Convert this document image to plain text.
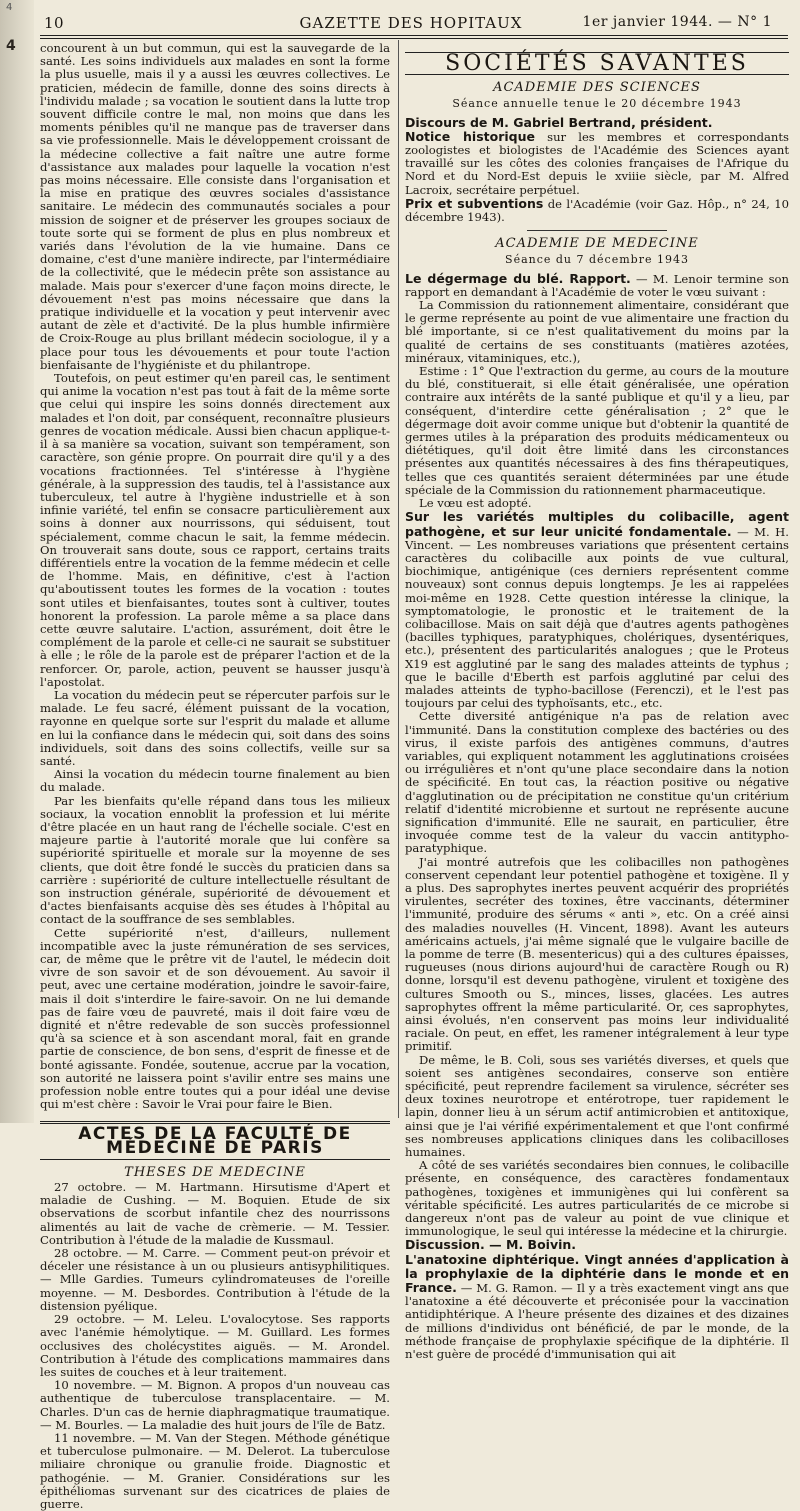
4
4
10	GAZETTE DES HOPITAUX	1er janvier 1944. — N° 1

concourent à un but commun, qui est la sauvegarde de la santé. Les soins individuels aux malades en sont la forme la plus usuelle, mais il y a aussi les œuvres collectives. Le praticien, médecin de famille, donne des soins directs à l'individu malade ; sa vocation le soutient dans la lutte trop souvent difficile contre le mal, non moins que dans les moments pénibles qu'il ne manque pas de traverser dans sa vie professionnelle. Mais le développement croissant de la médecine collective a fait naître une autre forme d'assistance aux malades pour laquelle la vocation n'est pas moins nécessaire. Elle consiste dans l'organisation et la mise en pratique des œuvres sociales d'assistance sanitaire. Le médecin des communautés sociales a pour mission de soigner et de préserver les groupes sociaux de toute sorte qui se forment de plus en plus nombreux et variés dans l'évolution de la vie humaine. Dans ce domaine, c'est d'une manière indirecte, par l'intermédiaire de la collectivité, que le médecin prête son assistance au malade. Mais pour s'exercer d'une façon moins directe, le dévouement n'est pas moins nécessaire que dans la pratique individuelle et la vocation y peut intervenir avec autant de zèle et d'activité. De la plus humble infirmière de Croix-Rouge au plus brillant médecin sociologue, il y a place pour tous les dévouements et pour toute l'action bienfaisante de l'hygiéniste et du philantrope.

Toutefois, on peut estimer qu'en pareil cas, le sentiment qui anime la vocation n'est pas tout à fait de la même sorte que celui qui inspire les soins donnés directement aux malades et l'on doit, par conséquent, reconnaître plusieurs genres de vocation médicale. Aussi bien chacun applique-t-il à sa manière sa vocation, suivant son tempérament, son caractère, son génie propre. On pourrait dire qu'il y a des vocations fractionnées. Tel s'intéresse à l'hygiène générale, à la suppression des taudis, tel à l'assistance aux tuberculeux, tel autre à l'hygiène industrielle et à son infinie variété, tel enfin se consacre particulièrement aux soins à donner aux nourrissons, qui séduisent, tout spécialement, comme chacun le sait, la femme médecin. On trouverait sans doute, sous ce rapport, certains traits différentiels entre la vocation de la femme médecin et celle de l'homme. Mais, en définitive, c'est à l'action qu'aboutissent toutes les formes de la vocation : toutes sont utiles et bienfaisantes, toutes sont à cultiver, toutes honorent la profession. La parole même a sa place dans cette œuvre salutaire. L'action, assurément, doit être le complément de la parole et celle-ci ne saurait se substituer à elle ; le rôle de la parole est de préparer l'action et de la renforcer. Or, parole, action, peuvent se hausser jusqu'à l'apostolat.

La vocation du médecin peut se répercuter parfois sur le malade. Le feu sacré, élément puissant de la vocation, rayonne en quelque sorte sur l'esprit du malade et allume en lui la confiance dans le médecin qui, soit dans des soins individuels, soit dans des soins collectifs, veille sur sa santé.

Ainsi la vocation du médecin tourne finalement au bien du malade.

Par les bienfaits qu'elle répand dans tous les milieux sociaux, la vocation ennoblit la profession et lui mérite d'être placée en un haut rang de l'échelle sociale. C'est en majeure partie à l'autorité morale que lui confère sa supériorité spirituelle et morale sur la moyenne de ses clients, que doit être fondé le succès du praticien dans sa carrière : supériorité de culture intellectuelle résultant de son instruction générale, supériorité de dévouement et d'actes bienfaisants acquise dès ses études à l'hôpital au contact de la souffrance de ses semblables.

Cette supériorité n'est, d'ailleurs, nullement incompatible avec la juste rémunération de ses services, car, de même que le prêtre vit de l'autel, le médecin doit vivre de son savoir et de son dévouement. Au savoir il peut, avec une certaine modération, joindre le savoir-faire, mais il doit s'interdire le faire-savoir. On ne lui demande pas de faire vœu de pauvreté, mais il doit faire vœu de dignité et n'être redevable de son succès professionnel qu'à sa science et à son ascendant moral, fait en grande partie de conscience, de bon sens, d'esprit de finesse et de bonté agissante. Fondée, soutenue, accrue par la vocation, son autorité ne laissera point s'avilir entre ses mains une profession noble entre toutes qui a pour idéal une devise qui m'est chère : Savoir le Vrai pour faire le Bien.

ACTES DE LA FACULTÉ DE MÉDECINE DE PARIS
THESES DE MEDECINE

27 octobre. — M. Hartmann. Hirsutisme d'Apert et maladie de Cushing. — M. Boquien. Etude de six observations de scorbut infantile chez des nourrissons alimentés au lait de vache de crèmerie. — M. Tessier. Contribution à l'étude de la maladie de Kussmaul.

28 octobre. — M. Carre. — Comment peut-on prévoir et déceler une résistance à un ou plusieurs antisyphilitiques. — Mlle Gardies. Tumeurs cylindromateuses de l'oreille moyenne. — M. Desbordes. Contribution à l'étude de la distension pyélique.

29 octobre. — M. Leleu. L'ovalocytose. Ses rapports avec l'anémie hémolytique. — M. Guillard. Les formes occlusives des cholécystites aiguës. — M. Arondel. Contribution à l'étude des complications mammaires dans les suites de couches et à leur traitement.

10 novembre. — M. Bignon. A propos d'un nouveau cas authentique de tuberculose transplacentaire. — M. Charles. D'un cas de hernie diaphragmatique traumatique. — M. Bourles. — La maladie des huit jours de l'île de Batz.

11 novembre. — M. Van der Stegen. Méthode génétique et tuberculose pulmonaire. — M. Delerot. La tuberculose miliaire chronique ou granulie froide. Diagnostic et pathogénie. — M. Granier. Considérations sur les épithéliomas survenant sur des cicatrices de plaies de guerre.

SOCIÉTÉS SAVANTES
ACADEMIE DES SCIENCES
Séance annuelle tenue le 20 décembre 1943

Discours de M. Gabriel Bertrand, président.

Notice historique sur les membres et correspondants zoologistes et biologistes de l'Académie des Sciences ayant travaillé sur les côtes des colonies françaises de l'Afrique du Nord et du Nord-Est depuis le xviiie siècle, par M. Alfred Lacroix, secrétaire perpétuel.

Prix et subventions de l'Académie (voir Gaz. Hôp., n° 24, 10 décembre 1943).

ACADEMIE DE MEDECINE
Séance du 7 décembre 1943

Le dégermage du blé. Rapport. — M. Lenoir termine son rapport en demandant à l'Académie de voter le vœu suivant :

La Commission du rationnement alimentaire, considérant que le germe représente au point de vue alimentaire une fraction du blé importante, si ce n'est qualitativement du moins par la qualité de certains de ses constituants (matières azotées, minéraux, vitaminiques, etc.),

Estime : 1° Que l'extraction du germe, au cours de la mouture du blé, constituerait, si elle était généralisée, une opération contraire aux intérêts de la santé publique et qu'il y a lieu, par conséquent, d'interdire cette généralisation ; 2° que le dégermage doit avoir comme unique but d'obtenir la quantité de germes utiles à la préparation des produits médicamenteux ou diététiques, qu'il doit être limité dans les circonstances présentes aux quantités nécessaires à des fins thérapeutiques, telles que ces quantités seraient déterminées par une étude spéciale de la Commission du rationnement pharmaceutique.

Le vœu est adopté.

Sur les variétés multiples du colibacille, agent pathogène, et sur leur unicité fondamentale. — M. H. Vincent. — Les nombreuses variations que présentent certains caractères du colibacille aux points de vue cultural, biochimique, antigénique (ces derniers représentent comme nouveaux) sont connus depuis longtemps. Je les ai rappelées moi-même en 1928. Cette question intéresse la clinique, la symptomatologie, le pronostic et le traitement de la colibacillose. Mais on sait déjà que d'autres agents pathogènes (bacilles typhiques, paratyphiques, cholériques, dysentériques, etc.), présentent des particularités analogues ; que le Proteus X19 est agglutiné par le sang des malades atteints de typhus ; que le bacille d'Eberth est parfois agglutiné par celui des malades atteints de typho-bacillose (Ferenczi), et le l'est pas toujours par celui des typhoïsants, etc., etc.

Cette diversité antigénique n'a pas de relation avec l'immunité. Dans la constitution complexe des bactéries ou des virus, il existe parfois des antigènes communs, d'autres variables, qui expliquent notamment les agglutinations croisées ou irrégulières et n'ont qu'une place secondaire dans la notion de spécificité. En tout cas, la réaction positive ou négative d'agglutination ou de précipitation ne constitue qu'un critérium relatif d'identité microbienne et surtout ne représente aucune signification d'immunité. Elle ne saurait, en particulier, être invoquée comme test de la valeur du vaccin antitypho-paratyphique.

J'ai montré autrefois que les colibacilles non pathogènes conservent cependant leur potentiel pathogène et toxigène. Il y a plus. Des saprophytes inertes peuvent acquérir des propriétés virulentes, secréter des toxines, être vaccinants, déterminer l'immunité, produire des sérums « anti », etc. On a créé ainsi des maladies nouvelles (H. Vincent, 1898). Avant les auteurs américains actuels, j'ai même signalé que le vulgaire bacille de la pomme de terre (B. mesentericus) qui a des cultures épaisses, rugueuses (nous dirions aujourd'hui de caractère Rough ou R) donne, lorsqu'il est devenu pathogène, virulent et toxigène des cultures Smooth ou S., minces, lisses, glacées. Les autres saprophytes offrent la même particularité. Or, ces saprophytes, ainsi évolués, n'en conservent pas moins leur individualité raciale. On peut, en effet, les ramener intégralement à leur type primitif.

De même, le B. Coli, sous ses variétés diverses, et quels que soient ses antigènes secondaires, conserve son entière spécificité, peut reprendre facilement sa virulence, sécréter ses deux toxines neurotrope et entérotrope, tuer rapidement le lapin, donner lieu à un sérum actif antimicrobien et antitoxique, ainsi que je l'ai vérifié expérimentalement et que l'ont confirmé ses nombreuses applications cliniques dans les colibacilloses humaines.

A côté de ses variétés secondaires bien connues, le colibacille présente, en conséquence, des caractères fondamentaux pathogènes, toxigènes et immunigènes qui lui confèrent sa véritable spécificité. Les autres particularités de ce microbe si dangereux n'ont pas de valeur au point de vue clinique et immunologique, le seul qui intéresse la médecine et la chirurgie.

Discussion. — M. Boivin.

L'anatoxine diphtérique. Vingt années d'application à la prophylaxie de la diphtérie dans le monde et en France. — M. G. Ramon. — Il y a très exactement vingt ans que l'anatoxine a été découverte et préconisée pour la vaccination antidiphtérique. A l'heure présente des dizaines et des dizaines de millions d'individus ont bénéficié, de par le monde, de la méthode française de prophylaxie spécifique de la diphtérie. Il n'est guère de procédé d'immunisation qui ait
